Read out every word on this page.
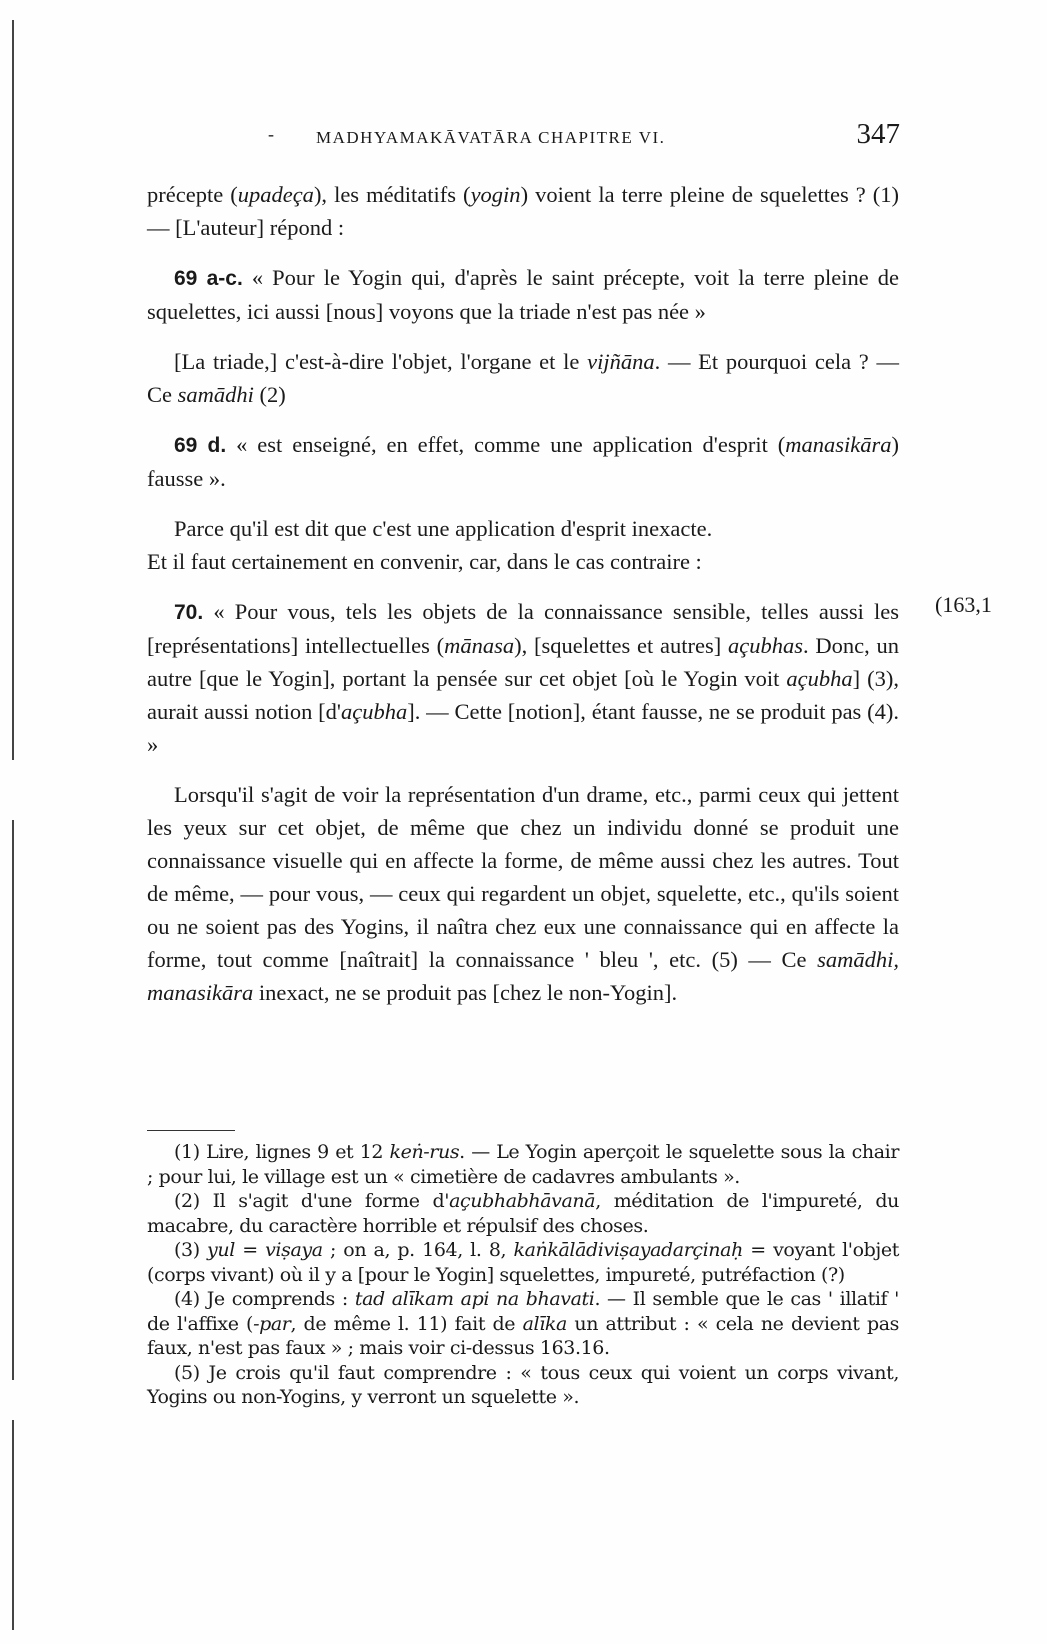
- MADHYAMAKĀVATĀRA CHAPITRE VI.	347

précepte (upadeça), les méditatifs (yogin) voient la terre pleine de squelettes ? (1) — [L'auteur] répond :

69 a-c. « Pour le Yogin qui, d'après le saint précepte, voit la terre pleine de squelettes, ici aussi [nous] voyons que la triade n'est pas née »

[La triade,] c'est-à-dire l'objet, l'organe et le vijñāna. — Et pourquoi cela ? — Ce samādhi (2)

69 d. « est enseigné, en effet, comme une application d'esprit (manasikāra) fausse ».

Parce qu'il est dit que c'est une application d'esprit inexacte.
Et il faut certainement en convenir, car, dans le cas contraire :

70. « Pour vous, tels les objets de la connaissance sensible, telles aussi les [représentations] intellectuelles (mānasa), [squelettes et autres] açubhas. Donc, un autre [que le Yogin], portant la pensée sur cet objet [où le Yogin voit açubha] (3), aurait aussi notion [d'açubha]. — Cette [notion], étant fausse, ne se produit pas (4). »

Lorsqu'il s'agit de voir la représentation d'un drame, etc., parmi ceux qui jettent les yeux sur cet objet, de même que chez un individu donné se produit une connaissance visuelle qui en affecte la forme, de même aussi chez les autres. Tout de même, — pour vous, — ceux qui regardent un objet, squelette, etc., qu'ils soient ou ne soient pas des Yogins, il naîtra chez eux une connaissance qui en affecte la forme, tout comme [naîtrait] la connaissance ' bleu ', etc. (5) — Ce samādhi, manasikāra inexact, ne se produit pas [chez le non-Yogin].

(163,1

(1) Lire, lignes 9 et 12 keṅ-rus. — Le Yogin aperçoit le squelette sous la chair ; pour lui, le village est un « cimetière de cadavres ambulants ».

(2) Il s'agit d'une forme d'açubhabhāvanā, méditation de l'impureté, du macabre, du caractère horrible et répulsif des choses.

(3) yul = viṣaya ; on a, p. 164, l. 8, kaṅkālādiviṣayadarçinaḥ = voyant l'objet (corps vivant) où il y a [pour le Yogin] squelettes, impureté, putréfaction (?)

(4) Je comprends : tad alīkam api na bhavati. — Il semble que le cas ' illatif ' de l'affixe (-par, de même l. 11) fait de alīka un attribut : « cela ne devient pas faux, n'est pas faux » ; mais voir ci-dessus 163.16.

(5) Je crois qu'il faut comprendre : « tous ceux qui voient un corps vivant, Yogins ou non-Yogins, y verront un squelette ».
